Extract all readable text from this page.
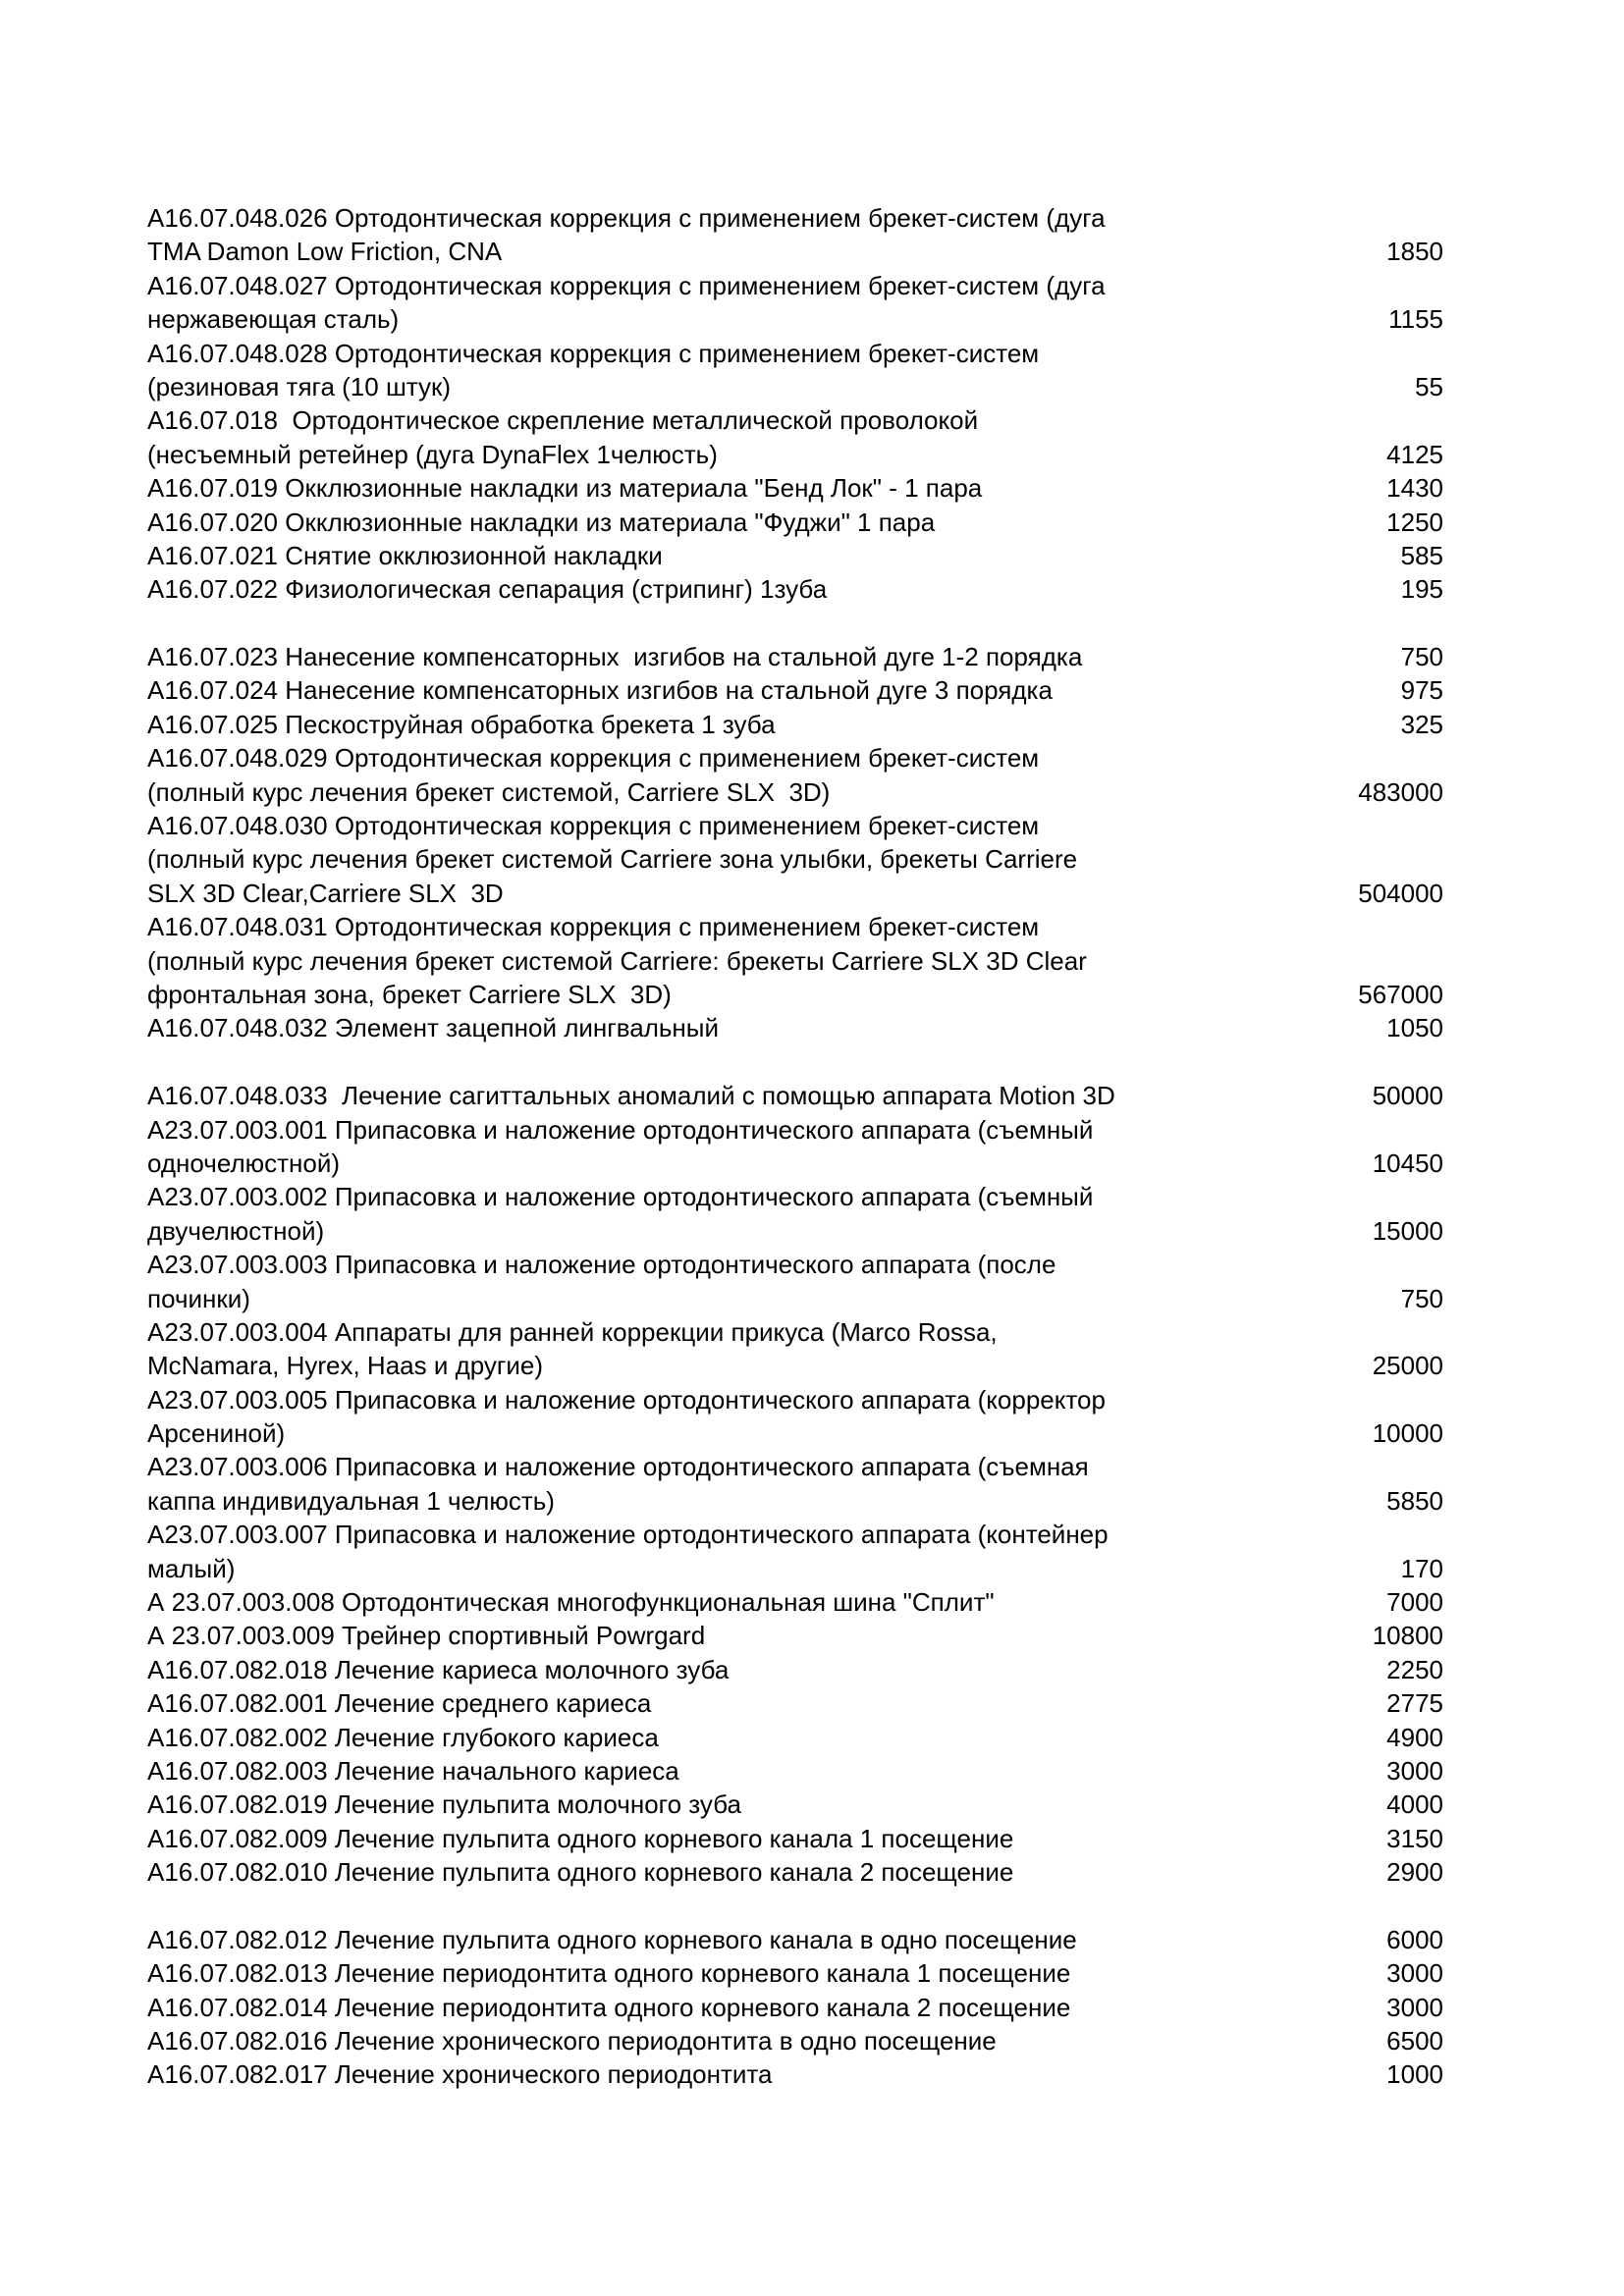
А16.07.048.026 Ортодонтическая коррекция с применением брекет-систем (дуга
TMA Damon Low Friction, CNA	1850
А16.07.048.027 Ортодонтическая коррекция с применением брекет-систем (дуга
нержавеющая сталь)	1155
А16.07.048.028 Ортодонтическая коррекция с применением брекет-систем
(резиновая тяга (10 штук)	55
А16.07.018  Ортодонтическое скрепление металлической проволокой
(несъемный ретейнер (дуга DynaFlex 1челюсть)	4125
А16.07.019 Окклюзионные накладки из материала "Бенд Лок" - 1 пара	1430
А16.07.020 Окклюзионные накладки из материала "Фуджи" 1 пара	1250
А16.07.021 Снятие окклюзионной накладки	585
А16.07.022 Физиологическая сепарация (стрипинг) 1зуба	195
А16.07.023 Нанесение компенсаторных  изгибов на стальной дуге 1-2 порядка	750
А16.07.024 Нанесение компенсаторных изгибов на стальной дуге 3 порядка	975
А16.07.025 Пескоструйная обработка брекета 1 зуба	325
А16.07.048.029 Ортодонтическая коррекция с применением брекет-систем
(полный курс лечения брекет системой, Carriere SLX  3D)	483000
А16.07.048.030 Ортодонтическая коррекция с применением брекет-систем
(полный курс лечения брекет системой Carriere зона улыбки, брекеты Carriere
SLX 3D Clear,Carriere SLX  3D	504000
А16.07.048.031 Ортодонтическая коррекция с применением брекет-систем
(полный курс лечения брекет системой Carriere: брекеты Carriere SLX 3D Clear
фронтальная зона, брекет Carriere SLX  3D)	567000
А16.07.048.032 Элемент зацепной лингвальный	1050
А16.07.048.033  Лечение сагиттальных аномалий с помощью аппарата Motion 3D	50000
А23.07.003.001 Припасовка и наложение ортодонтического аппарата (съемный
одночелюстной)	10450
А23.07.003.002 Припасовка и наложение ортодонтического аппарата (съемный
двучелюстной)	15000
А23.07.003.003 Припасовка и наложение ортодонтического аппарата (после
починки)	750
А23.07.003.004 Аппараты для ранней коррекции прикуса (Marco Rossa,
McNamara, Hyrex, Haas и другие)	25000
А23.07.003.005 Припасовка и наложение ортодонтического аппарата (корректор
Арсениной)	10000
А23.07.003.006 Припасовка и наложение ортодонтического аппарата (съемная
каппа индивидуальная 1 челюсть)	5850
А23.07.003.007 Припасовка и наложение ортодонтического аппарата (контейнер
малый)	170
А 23.07.003.008 Ортодонтическая многофункциональная шина "Сплит"	7000
А 23.07.003.009 Трейнер спортивный Powrgard	10800
А16.07.082.018 Лечение кариеса молочного зуба	2250
А16.07.082.001 Лечение среднего кариеса	2775
А16.07.082.002 Лечение глубокого кариеса	4900
А16.07.082.003 Лечение начального кариеса	3000
А16.07.082.019 Лечение пульпита молочного зуба	4000
А16.07.082.009 Лечение пульпита одного корневого канала 1 посещение	3150
А16.07.082.010 Лечение пульпита одного корневого канала 2 посещение	2900
А16.07.082.012 Лечение пульпита одного корневого канала в одно посещение	6000
А16.07.082.013 Лечение периодонтита одного корневого канала 1 посещение	3000
А16.07.082.014 Лечение периодонтита одного корневого канала 2 посещение	3000
А16.07.082.016 Лечение хронического периодонтита в одно посещение	6500
А16.07.082.017 Лечение хронического периодонтита	1000
